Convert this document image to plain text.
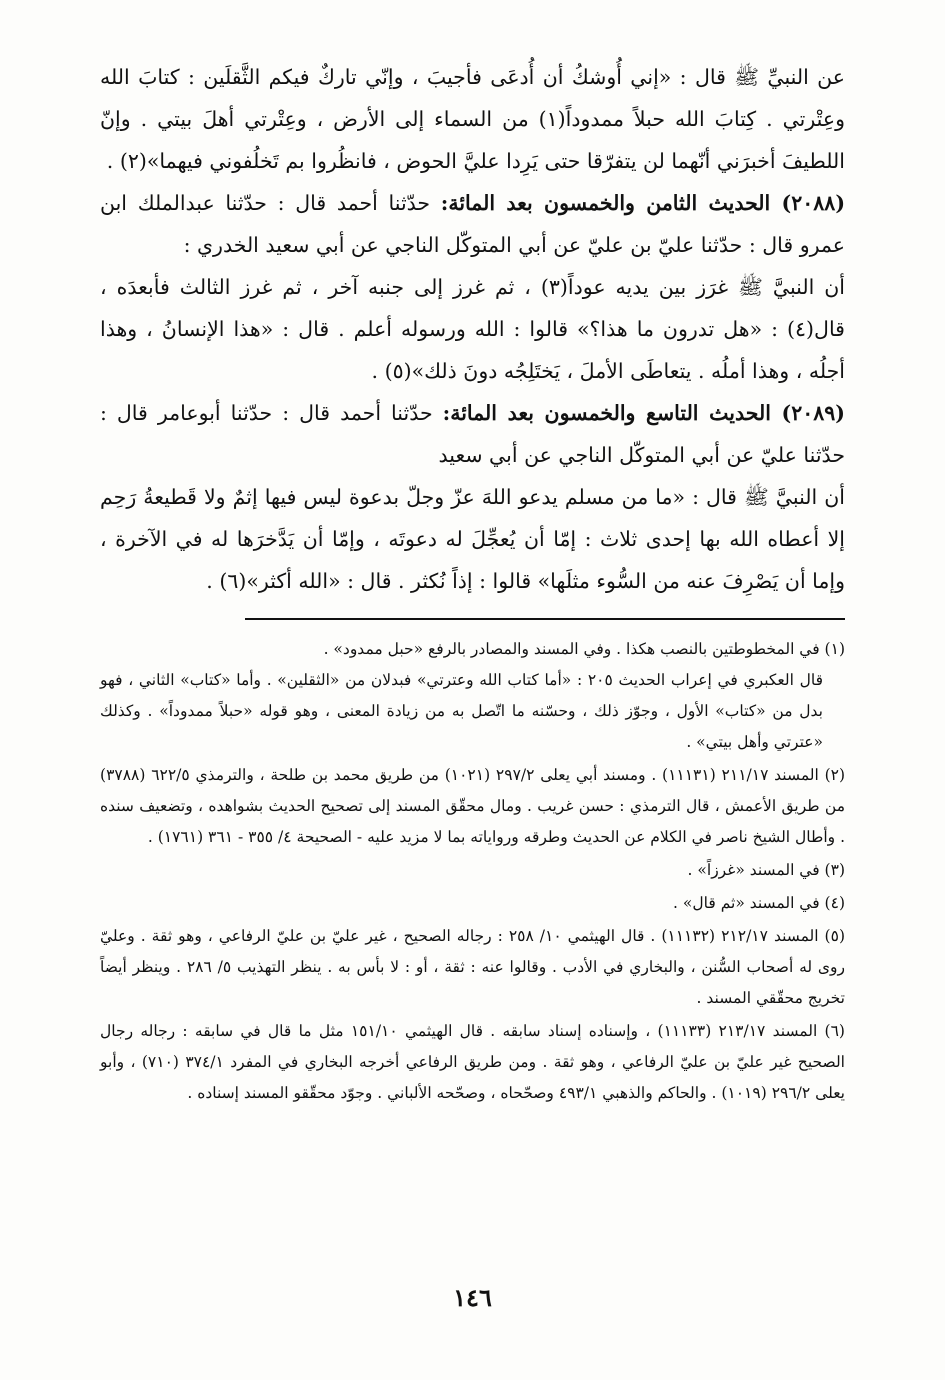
عن النبيِّ ﷺ قال : «إني أُوشكُ أن أُدعَى فأجيبَ ، وإنّي تاركٌ فيكم الثَّقلَين : كتابَ الله وعِتْرتي . كِتابَ الله حبلاً ممدوداً(١) من السماء إلى الأرض ، وعِتْرتي أهلَ بيتي . وإنّ اللطيفَ أخبرَني أنّهما لن يتفرّقا حتى يَرِدا عليَّ الحوض ، فانظُروا بم تَخلُفوني فيهما»(٢) .

(٢٠٨٨) الحديث الثامن والخمسون بعد المائة: حدّثنا أحمد قال : حدّثنا عبدالملك ابن عمرو قال : حدّثنا عليّ بن عليّ عن أبي المتوكّل الناجي عن أبي سعيد الخدري :

أن النبيَّ ﷺ غرَز بين يديه عوداً(٣) ، ثم غرز إلى جنبه آخر ، ثم غرز الثالث فأبعدَه ، قال(٤) : «هل تدرون ما هذا؟» قالوا : الله ورسوله أعلم . قال : «هذا الإنسانُ ، وهذا أجلُه ، وهذا أملُه . يتعاطَى الأملَ ، يَختَلِجُه دونَ ذلك»(٥) .

(٢٠٨٩) الحديث التاسع والخمسون بعد المائة: حدّثنا أحمد قال : حدّثنا أبوعامر قال : حدّثنا عليّ عن أبي المتوكّل الناجي عن أبي سعيد

أن النبيَّ ﷺ قال : «ما من مسلم يدعو اللهَ عزّ وجلّ بدعوة ليس فيها إثمٌ ولا قَطيعةُ رَحِم إلا أعطاه الله بها إحدى ثلاث : إمّا أن يُعجِّلَ له دعوتَه ، وإمّا أن يَدَّخرَها له في الآخرة ، وإما أن يَصْرِفَ عنه من السُّوء مثلَها» قالوا : إذاً نُكثر . قال : «الله أكثر»(٦) .

(١) في المخطوطتين بالنصب هكذا . وفي المسند والمصادر بالرفع «حبل ممدود» .
قال العكبري في إعراب الحديث ٢٠٥ : «أما كتاب الله وعترتي» فبدلان من «الثقلين» . وأما «كتاب» الثاني ، فهو بدل من «كتاب» الأول ، وجوّز ذلك ، وحسّنه ما اتّصل به من زيادة المعنى ، وهو قوله «حبلاً ممدوداً» . وكذلك «عترتي وأهل بيتي» .
(٢) المسند ٢١١/١٧ (١١١٣١) . ومسند أبي يعلى ٢٩٧/٢ (١٠٢١) من طريق محمد بن طلحة ، والترمذي ٦٢٢/٥ (٣٧٨٨) من طريق الأعمش ، قال الترمذي : حسن غريب . ومال محقّق المسند إلى تصحيح الحديث بشواهده ، وتضعيف سنده . وأطال الشيخ ناصر في الكلام عن الحديث وطرقه ورواياته بما لا مزيد عليه - الصحيحة ٤/ ٣٥٥ - ٣٦١ (١٧٦١) .
(٣) في المسند «غرزاً» .
(٤) في المسند «ثم قال» .
(٥) المسند ٢١٢/١٧ (١١١٣٢) . قال الهيثمي ١٠/ ٢٥٨ : رجاله الصحيح ، غير عليّ بن عليّ الرفاعي ، وهو ثقة . وعليّ روى له أصحاب السُّنن ، والبخاري في الأدب . وقالوا عنه : ثقة ، أو : لا بأس به . ينظر التهذيب ٥/ ٢٨٦ . وينظر أيضاً تخريج محقّقي المسند .
(٦) المسند ٢١٣/١٧ (١١١٣٣) ، وإسناده إسناد سابقه . قال الهيثمي ١٥١/١٠ مثل ما قال في سابقه : رجاله رجال الصحيح غير عليّ بن عليّ الرفاعي ، وهو ثقة . ومن طريق الرفاعي أخرجه البخاري في المفرد ٣٧٤/١ (٧١٠) ، وأبو يعلى ٢٩٦/٢ (١٠١٩) . والحاكم والذهبي ٤٩٣/١ وصحّحاه ، وصحّحه الألباني . وجوّد محقّقو المسند إسناده .
١٤٦
